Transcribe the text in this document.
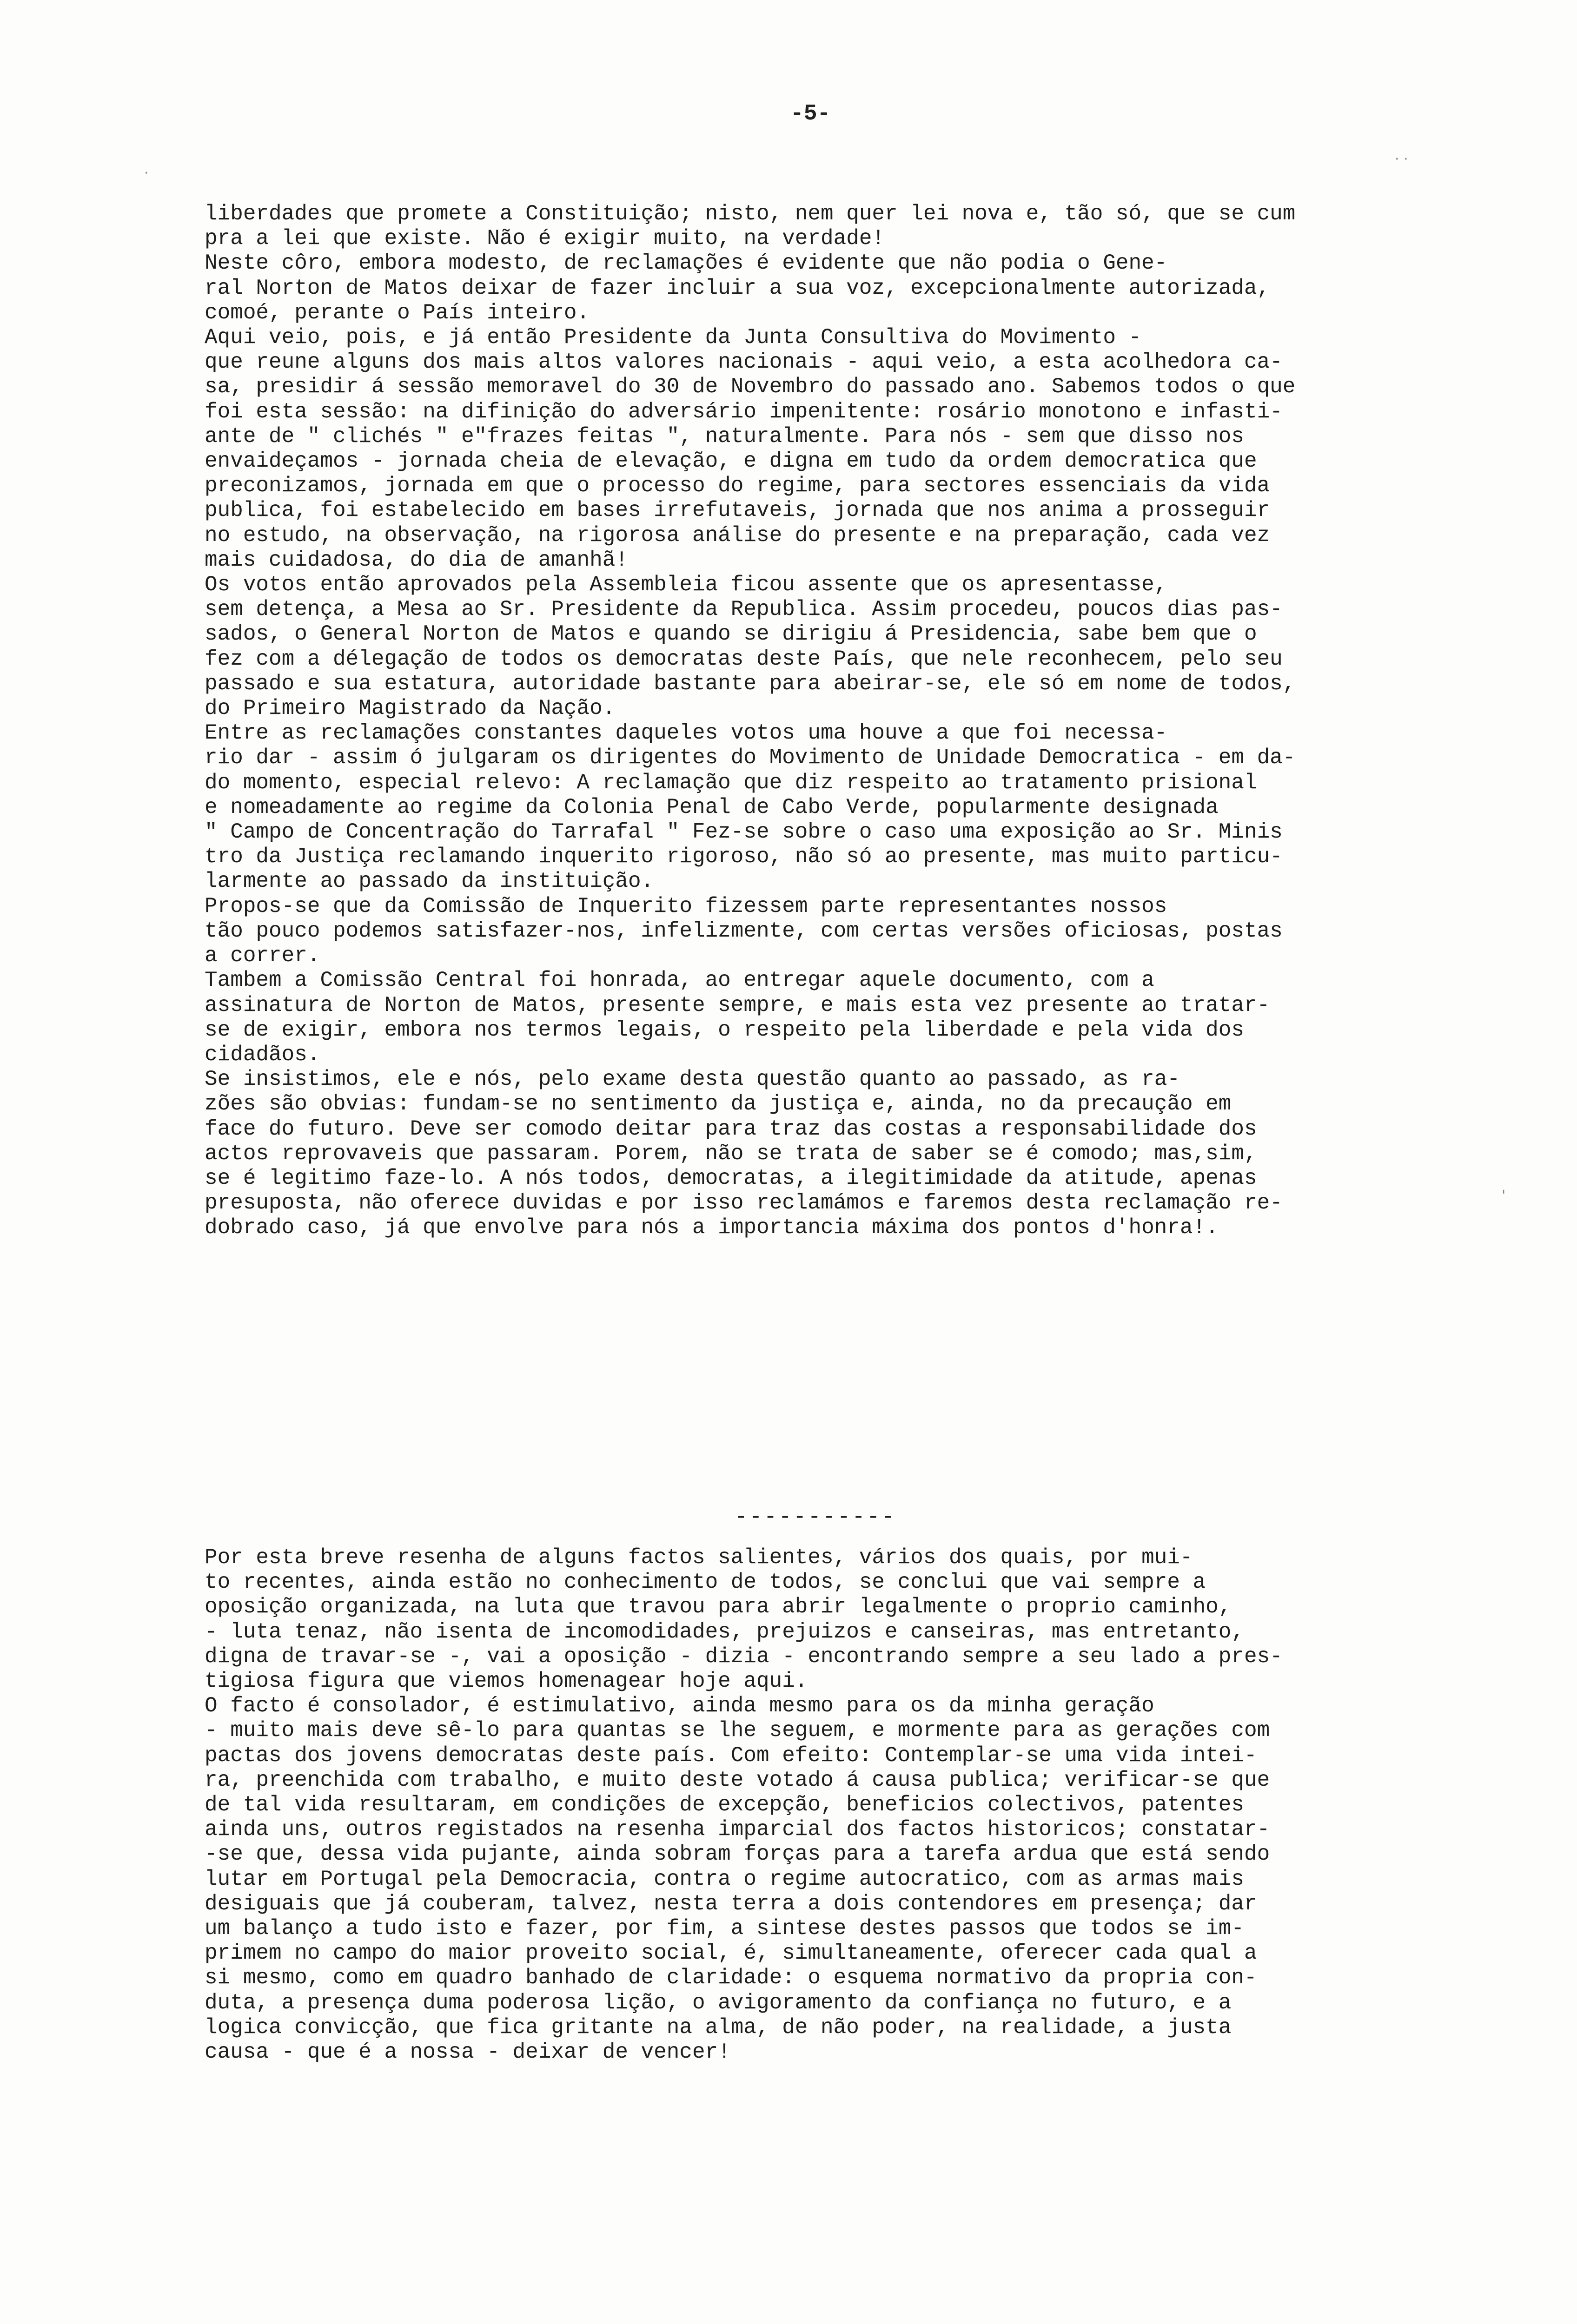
-5-

liberdades que promete a Constituição; nisto, nem quer lei nova e, tão só, que se cum

pra a lei que existe. Não é exigir muito, na verdade!

Neste côro, embora modesto, de reclamações é evidente que não podia o Gene-

ral Norton de Matos deixar de fazer incluir a sua voz, excepcionalmente autorizada,

comoé, perante o País inteiro.

Aqui veio, pois, e já então Presidente da Junta Consultiva do Movimento -

que reune alguns dos mais altos valores nacionais - aqui veio, a esta acolhedora ca-

sa, presidir á sessão memoravel do 30 de Novembro do passado ano. Sabemos todos o que

foi esta sessão: na difinição do adversário impenitente: rosário monotono e infasti-

ante de " clichés " e"frazes feitas ", naturalmente. Para nós - sem que disso nos

envaideçamos - jornada cheia de elevação, e digna em tudo da ordem democratica que

preconizamos, jornada em que o processo do regime, para sectores essenciais da vida

publica, foi estabelecido em bases irrefutaveis, jornada que nos anima a prosseguir

no estudo, na observação, na rigorosa análise do presente e na preparação, cada vez

mais cuidadosa, do dia de amanhã!

Os votos então aprovados pela Assembleia ficou assente que os apresentasse,

sem detença, a Mesa ao Sr. Presidente da Republica. Assim procedeu, poucos dias pas-

sados, o General Norton de Matos e quando se dirigiu á Presidencia, sabe bem que o

fez com a délegação de todos os democratas deste País, que nele reconhecem, pelo seu

passado e sua estatura, autoridade bastante para abeirar-se, ele só em nome de todos,

do Primeiro Magistrado da Nação.

Entre as reclamações constantes daqueles votos uma houve a que foi necessa-

rio dar - assim ó julgaram os dirigentes do Movimento de Unidade Democratica - em da-

do momento, especial relevo: A reclamação que diz respeito ao tratamento prisional

e nomeadamente ao regime da Colonia Penal de Cabo Verde, popularmente designada

" Campo de Concentração do Tarrafal " Fez-se sobre o caso uma exposição ao Sr. Minis

tro da Justiça reclamando inquerito rigoroso, não só ao presente, mas muito particu-

larmente ao passado da instituição.

Propos-se que da Comissão de Inquerito fizessem parte representantes nossos

tão pouco podemos satisfazer-nos, infelizmente, com certas versões oficiosas, postas

a correr.

Tambem a Comissão Central foi honrada, ao entregar aquele documento, com a

assinatura de Norton de Matos, presente sempre, e mais esta vez presente ao tratar-

se de exigir, embora nos termos legais, o respeito pela liberdade e pela vida dos

cidadãos.

Se insistimos, ele e nós, pelo exame desta questão quanto ao passado, as ra-

zões são obvias: fundam-se no sentimento da justiça e, ainda, no da precaução em

face do futuro. Deve ser comodo deitar para traz das costas a responsabilidade dos

actos reprovaveis que passaram. Porem, não se trata de saber se é comodo; mas,sim,

se é legitimo faze-lo. A nós todos, democratas, a ilegitimidade da atitude, apenas

presuposta, não oferece duvidas e por isso reclamámos e faremos desta reclamação re-

dobrado caso, já que envolve para nós a importancia máxima dos pontos d'honra!.

-----------

Por esta breve resenha de alguns factos salientes, vários dos quais, por mui-

to recentes, ainda estão no conhecimento de todos, se conclui que vai sempre a

oposição organizada, na luta que travou para abrir legalmente o proprio caminho,

- luta tenaz, não isenta de incomodidades, prejuizos e canseiras, mas entretanto,

digna de travar-se -, vai a oposição - dizia - encontrando sempre a seu lado a pres-

tigiosa figura que viemos homenagear hoje aqui.

O facto é consolador, é estimulativo, ainda mesmo para os da minha geração

- muito mais deve sê-lo para quantas se lhe seguem, e mormente para as gerações com

pactas dos jovens democratas deste país. Com efeito: Contemplar-se uma vida intei-

ra, preenchida com trabalho, e muito deste votado á causa publica; verificar-se que

de tal vida resultaram, em condições de excepção, beneficios colectivos, patentes

ainda uns, outros registados na resenha imparcial dos factos historicos; constatar-

-se que, dessa vida pujante, ainda sobram forças para a tarefa ardua que está sendo

lutar em Portugal pela Democracia, contra o regime autocratico, com as armas mais

desiguais que já couberam, talvez, nesta terra a dois contendores em presença; dar

um balanço a tudo isto e fazer, por fim, a sintese destes passos que todos se im-

primem no campo do maior proveito social, é, simultaneamente, oferecer cada qual a

si mesmo, como em quadro banhado de claridade: o esquema normativo da propria con-

duta, a presença duma poderosa lição, o avigoramento da confiança no futuro, e a

logica convicção, que fica gritante na alma, de não poder, na realidade, a justa

causa - que é a nossa - deixar de vencer!

·
· ·
'
